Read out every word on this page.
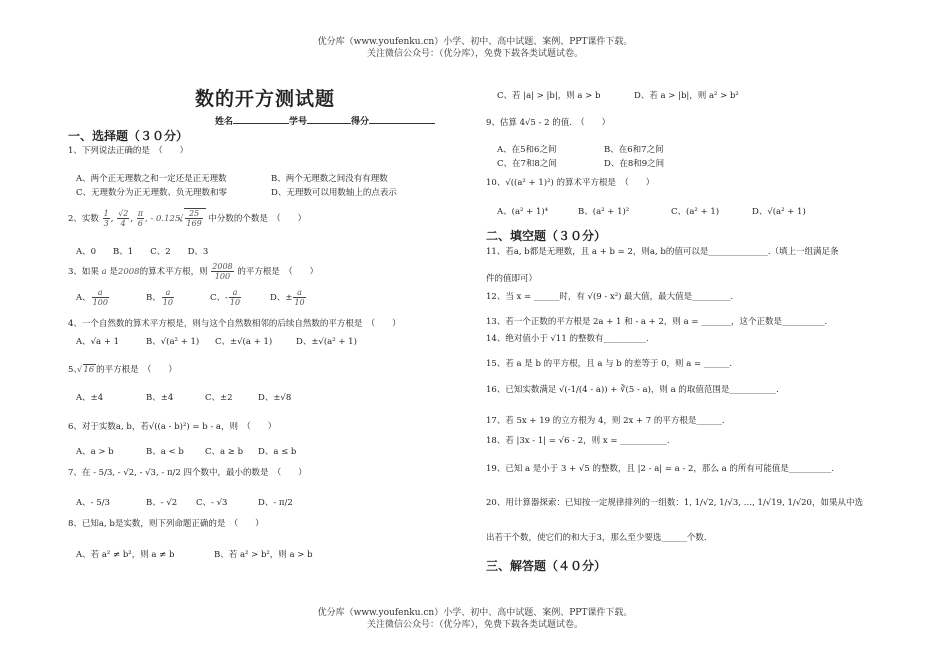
优分库（www.youfenku.cn）小学、初中、高中试题、案例、PPT课件下载。
关注微信公众号：（优分库），免费下载各类试题试卷。
优分库（www.youfenku.cn）小学、初中、高中试题、案例、PPT课件下载。
关注微信公众号：（优分库），免费下载各类试题试卷。
数的开方测试题
姓名	学号	得分
一、选择题（３０分）
1、下列说法正确的是　（　　）
A、两个正无理数之和一定还是正无理数	B、两个无理数之间没有有理数
C、无理数分为正无理数、负无理数和零	D、无理数可以用数轴上的点表示
2、实数 $\frac{1}{3}$ , $\frac{√2}{4}$ , $\frac{\pi}{6}$ , - 0.125,
√ $\frac{25}{169}$ 中分数的个数是　（　　）
A、0　　B、1　　C、2　　D、3
3、如果 a 是2008的算术平方根，则 $\frac{2008}{100}$ 的平方根是　（　　）
A、 $\frac{a}{100}$	B、 $\frac{a}{10}$	C、- $\frac{a}{10}$	D、± $\frac{a}{10}$
4、一个自然数的算术平方根是，则与这个自然数相邻的后续自然数的平方根是　（　　）
A、√a + 1	B、√(a² + 1) C、±√(a + 1)	D、±√(a² + 1)
5、√ 16 的平方根是　（　　）
A、±4	B、±4	C、±2	D、±√8
6、对于实数a, b，若√((a - b)²) = b - a，则　（　　）
A、a > b	B、a < b C、a ≥ b D、a ≤ b
7、在 - 5/3, - √2, - √3, - π/2 四个数中，最小的数是　（　　）
A、- 5/3	B、- √2 C、- √3	D、- π/2
8、已知a, b是实数，则下列命题正确的是　（　　）
A、若 a² ≠ b²，则 a ≠ b	B、若 a² > b²，则 a > b
C、若 |a| > |b|，则 a > b	D、若 a > |b|，则 a² > b²
9、估算 4√5 - 2 的值.　（　　）
A、在5和6之间	B、在6和7之间
C、在7和8之间	D、在8和9之间
10、√((a² + 1)²) 的算术平方根是　（　　）
A、(a² + 1)⁴	B、(a² + 1)²	C、(a² + 1)	D、√(a² + 1)
二、填空题（３０分）
11、若a, b都是无理数，且 a + b = 2，则a, b的值可以是______________.（填上一组满足条
件的值即可）
12、当 x = ______时，有 √(9 - x²) 最大值，最大值是_________.
13、若一个正数的平方根是 2a + 1 和 - a + 2，则 a = _______，这个正数是__________.
14、绝对值小于 √11 的整数有__________.
15、若 a 是 b 的平方根，且 a 与 b 的差等于 0，则 a = ______.
16、已知实数满足 √(-1/(4 - a)) + ∛(5 - a)，则 a 的取值范围是___________.
17、若 5x + 19 的立方根为 4，则 2x + 7 的平方根是______.
18、若 |3x - 1| = √6 - 2，则 x = ___________.
19、已知 a 是小于 3 + √5 的整数，且 |2 - a| = a - 2，那么 a 的所有可能值是__________.
20、用计算器探索：已知按一定规律排列的一组数：1, 1/√2, 1/√3, …, 1/√19, 1/√20，如果从中选
出若干个数，使它们的和大于3，那么至少要选______个数.
三、解答题（４０分）
